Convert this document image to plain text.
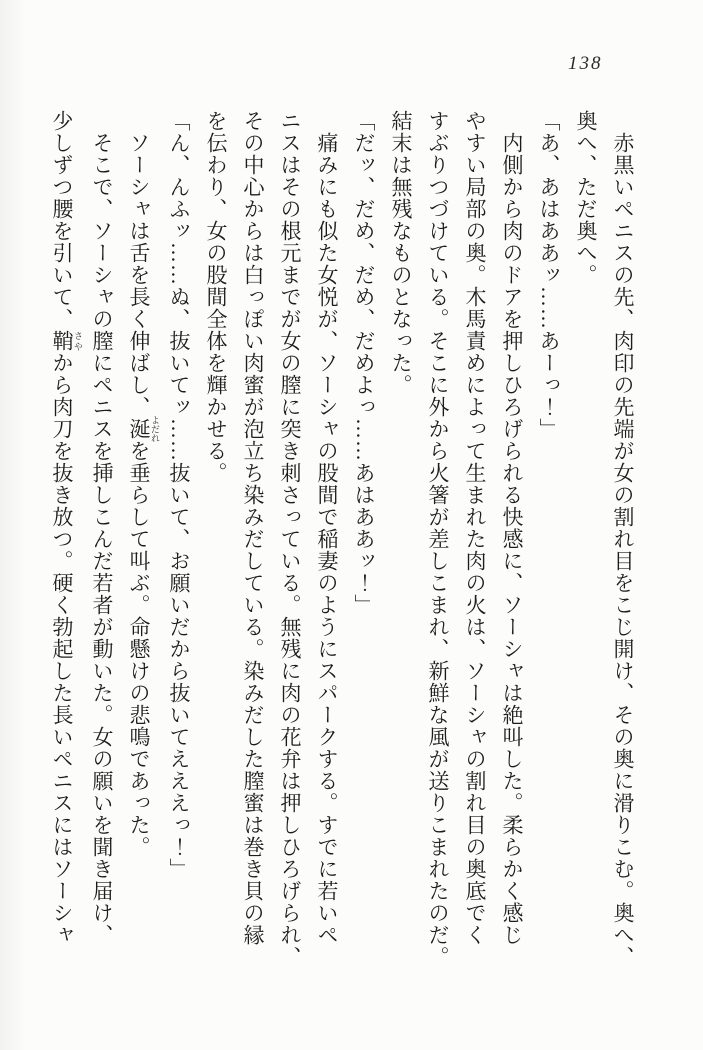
138
赤黒いペニスの先、肉印の先端が女の割れ目をこじ開け、その奥に滑りこむ。奥へ、
奥へ、ただ奥へ。
「あ、あはああッ……あーっ！」
内側から肉のドアを押しひろげられる快感に、ソーシャは絶叫した。柔らかく感じ
やすい局部の奥。木馬責めによって生まれた肉の火は、ソーシャの割れ目の奥底でく
すぶりつづけている。そこに外から火箸が差しこまれ、新鮮な風が送りこまれたのだ。
結末は無残なものとなった。
「だッ、だめ、だめ、だめよっ……あはああッ！」
痛みにも似た女悦が、ソーシャの股間で稲妻のようにスパークする。すでに若いペ
ニスはその根元までが女の膣に突き刺さっている。無残に肉の花弁は押しひろげられ、
その中心からは白っぽい肉蜜が泡立ち染みだしている。染みだした膣蜜は巻き貝の縁
を伝わり、女の股間全体を輝かせる。
「ん、んふッ……ぬ、抜いてッ……抜いて、お願いだから抜いてえええっ！」
ソーシャは舌を長く伸ばし、涎 よだれを垂らして叫ぶ。命懸けの悲鳴であった。
そこで、ソーシャの膣にペニスを挿しこんだ若者が動いた。女の願いを聞き届け、
少しずつ腰を引いて、鞘 さやから肉刀を抜き放つ。硬く勃起した長いペニスにはソーシャ
